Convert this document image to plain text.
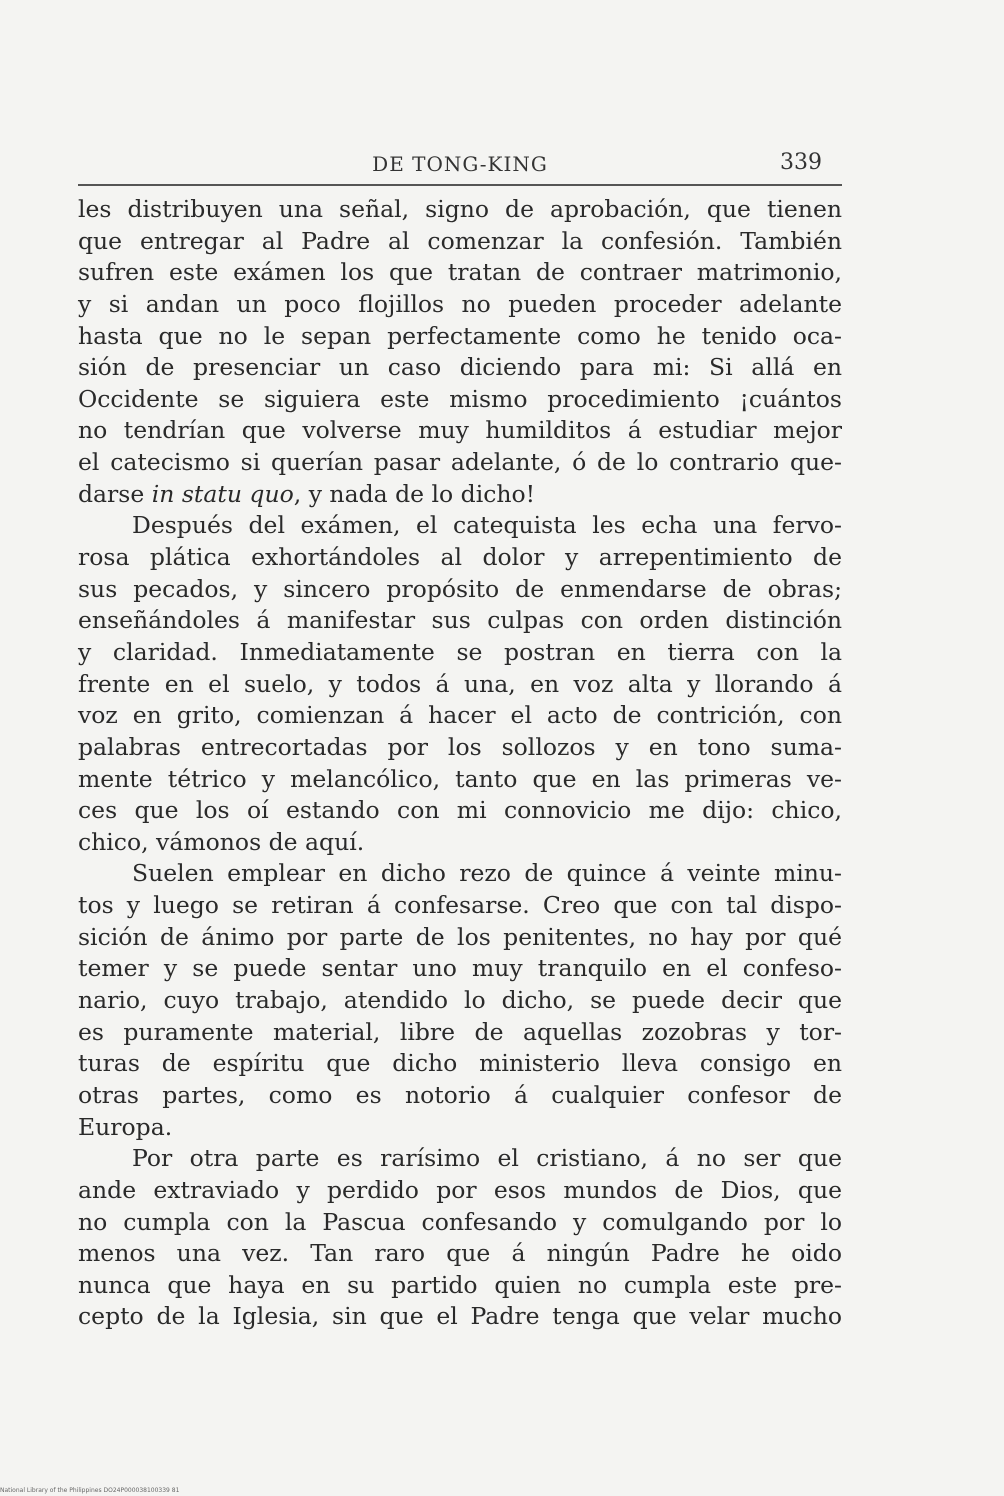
DE TONG-KING	339
les distribuyen una señal, signo de aprobación, que tienen
que entregar al Padre al comenzar la confesión. También
sufren este exámen los que tratan de contraer matrimonio,
y si andan un poco flojillos no pueden proceder adelante
hasta que no le sepan perfectamente como he tenido oca-
sión de presenciar un caso diciendo para mi: Si allá en
Occidente se siguiera este mismo procedimiento ¡cuántos
no tendrían que volverse muy humilditos á estudiar mejor
el catecismo si querían pasar adelante, ó de lo contrario que-
darse in statu quo, y nada de lo dicho!
Después del exámen, el catequista les echa una fervo-
rosa plática exhortándoles al dolor y arrepentimiento de
sus pecados, y sincero propósito de enmendarse de obras;
enseñándoles á manifestar sus culpas con orden distinción
y claridad. Inmediatamente se postran en tierra con la
frente en el suelo, y todos á una, en voz alta y llorando á
voz en grito, comienzan á hacer el acto de contrición, con
palabras entrecortadas por los sollozos y en tono suma-
mente tétrico y melancólico, tanto que en las primeras ve-
ces que los oí estando con mi connovicio me dijo: chico,
chico, vámonos de aquí.
Suelen emplear en dicho rezo de quince á veinte minu-
tos y luego se retiran á confesarse. Creo que con tal dispo-
sición de ánimo por parte de los penitentes, no hay por qué
temer y se puede sentar uno muy tranquilo en el confeso-
nario, cuyo trabajo, atendido lo dicho, se puede decir que
es puramente material, libre de aquellas zozobras y tor-
turas de espíritu que dicho ministerio lleva consigo en
otras partes, como es notorio á cualquier confesor de
Europa.
Por otra parte es rarísimo el cristiano, á no ser que
ande extraviado y perdido por esos mundos de Dios, que
no cumpla con la Pascua confesando y comulgando por lo
menos una vez. Tan raro que á ningún Padre he oido
nunca que haya en su partido quien no cumpla este pre-
cepto de la Iglesia, sin que el Padre tenga que velar mucho
National Library of the Philippines DO24P000038100339 81
